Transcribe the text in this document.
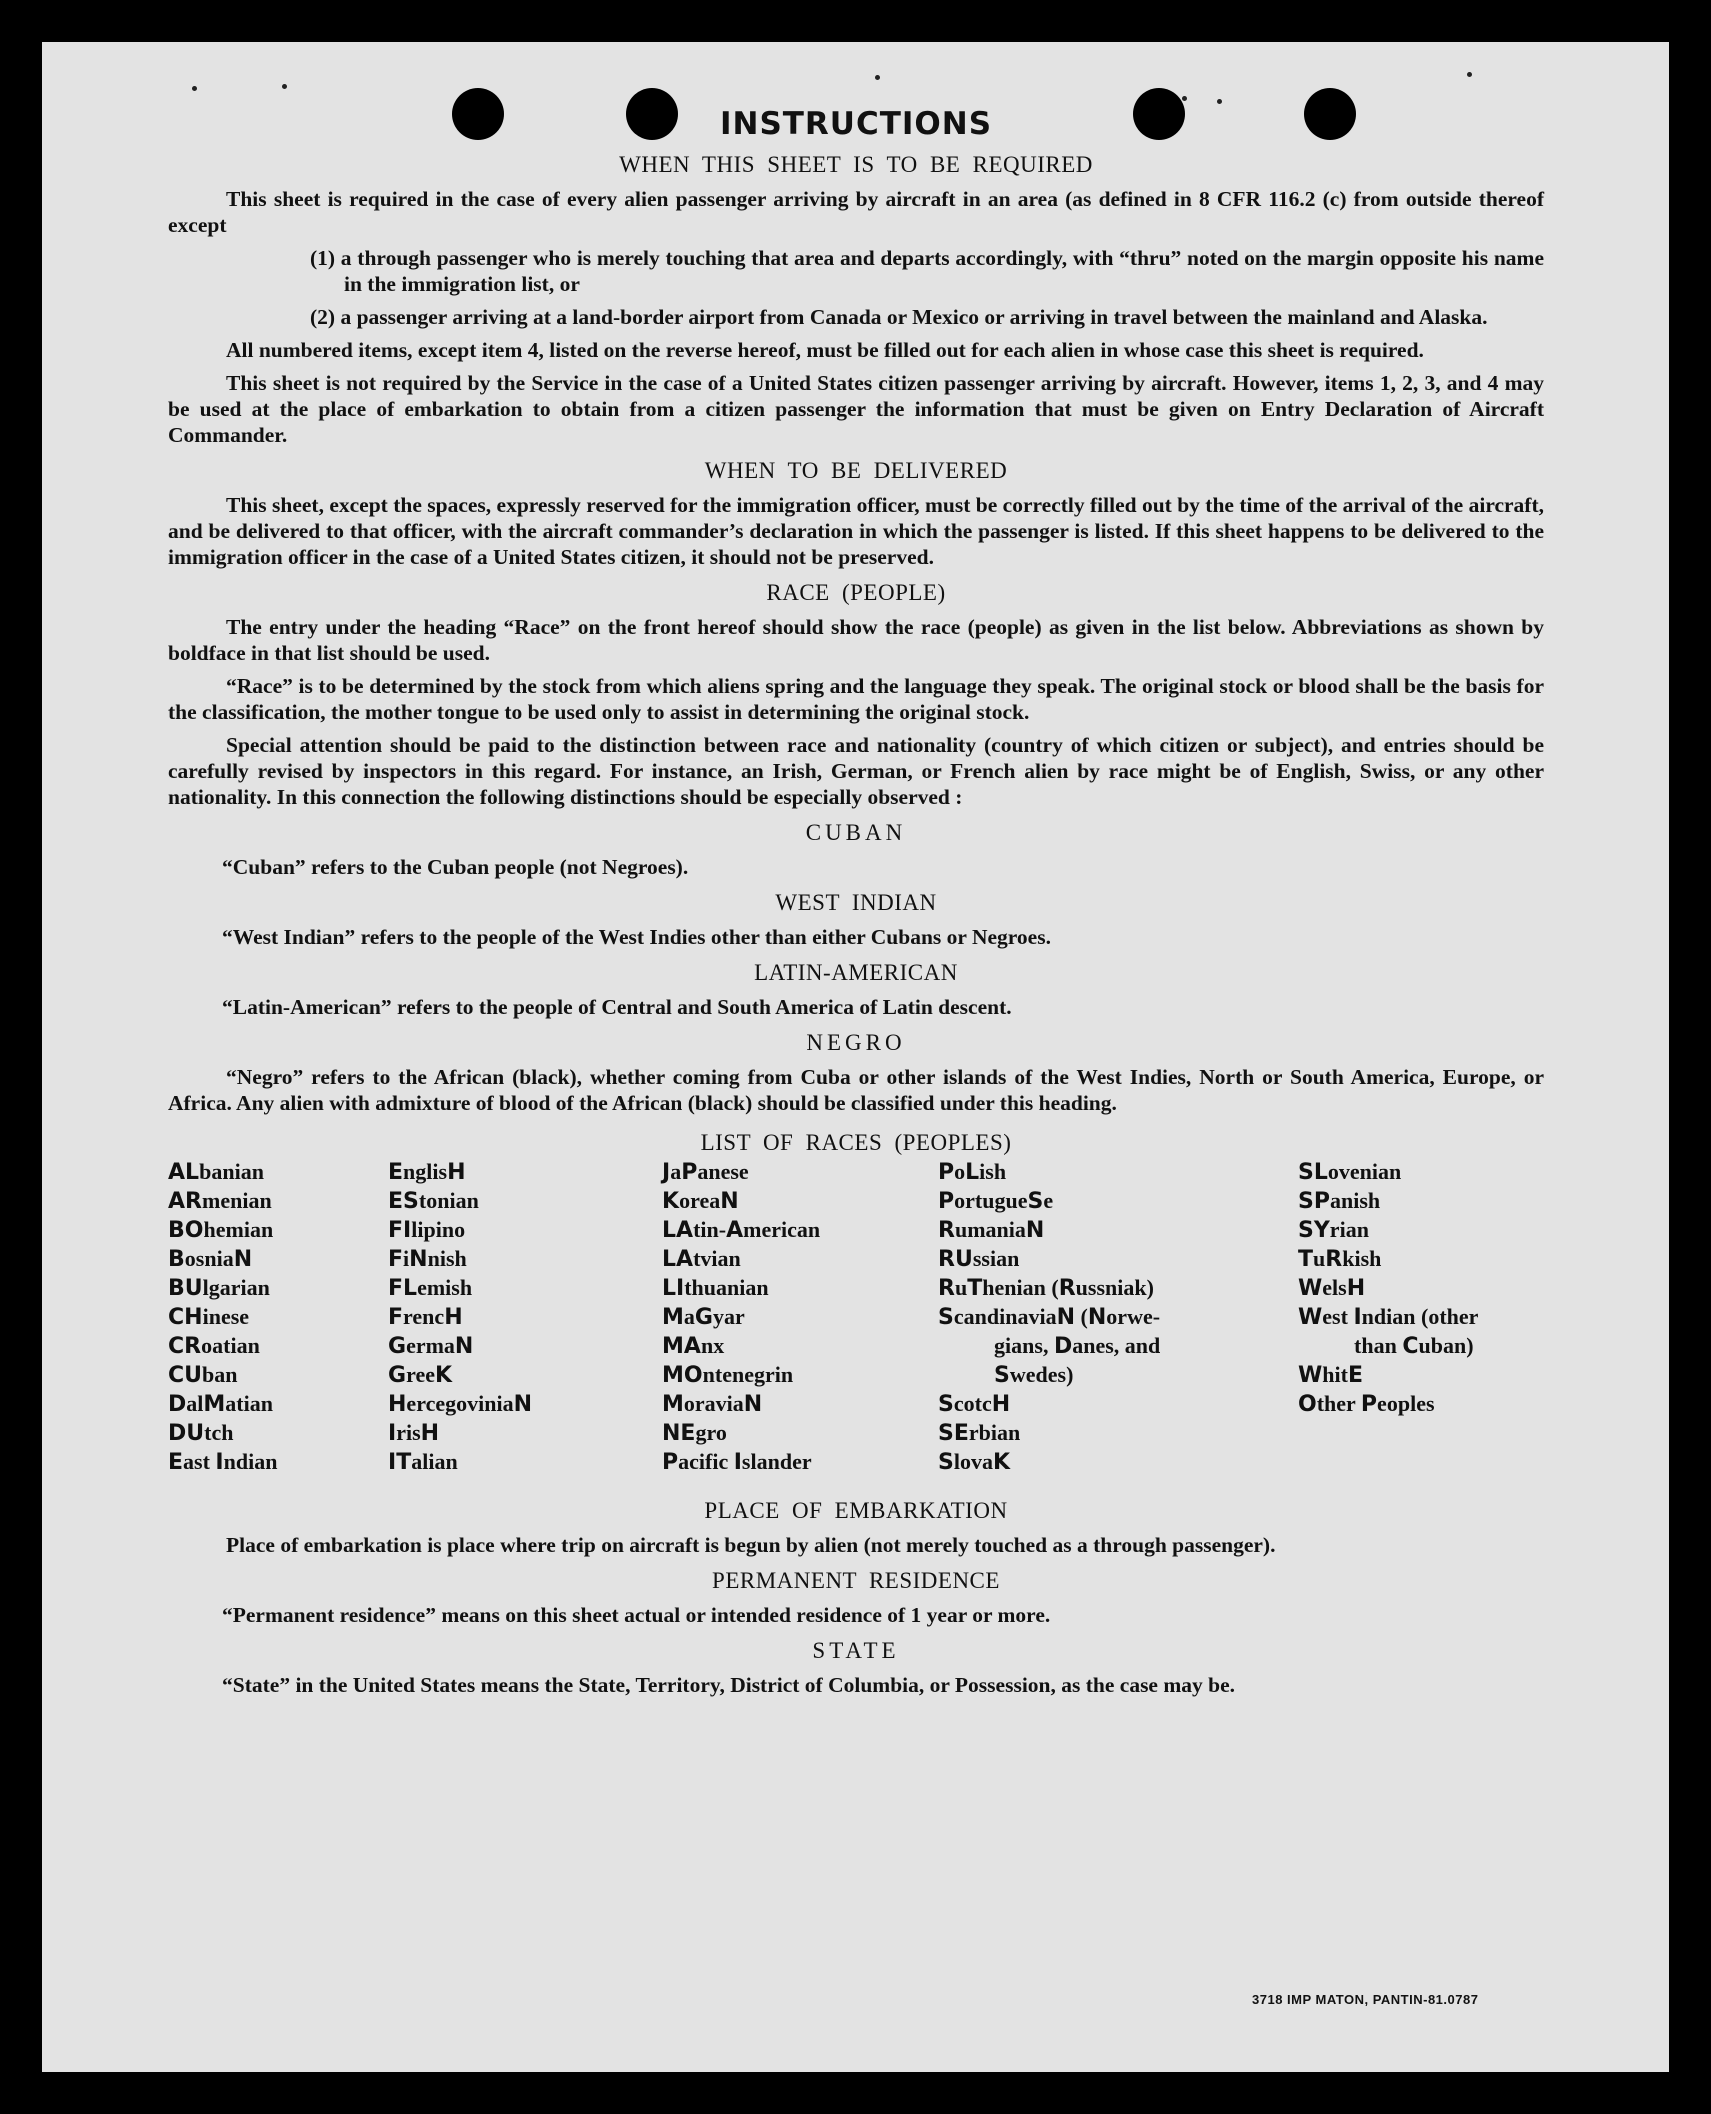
INSTRUCTIONS
WHEN THIS SHEET IS TO BE REQUIRED

This sheet is required in the case of every alien passenger arriving by aircraft in an area (as defined in 8 CFR 116.2 (c) from outside thereof except

(1) a through passenger who is merely touching that area and departs accordingly, with “thru” noted on the margin opposite his name in the immigration list, or

(2) a passenger arriving at a land-border airport from Canada or Mexico or arriving in travel between the mainland and Alaska.

All numbered items, except item 4, listed on the reverse hereof, must be filled out for each alien in whose case this sheet is required.

This sheet is not required by the Service in the case of a United States citizen passenger arriving by aircraft. However, items 1, 2, 3, and 4 may be used at the place of embarkation to obtain from a citizen passenger the information that must be given on Entry Declaration of Aircraft Commander.

WHEN TO BE DELIVERED

This sheet, except the spaces, expressly reserved for the immigration officer, must be correctly filled out by the time of the arrival of the aircraft, and be delivered to that officer, with the aircraft commander’s declaration in which the passenger is listed. If this sheet happens to be delivered to the immigration officer in the case of a United States citizen, it should not be preserved.

RACE (PEOPLE)

The entry under the heading “Race” on the front hereof should show the race (people) as given in the list below. Abbreviations as shown by boldface in that list should be used.

“Race” is to be determined by the stock from which aliens spring and the language they speak. The original stock or blood shall be the basis for the classification, the mother tongue to be used only to assist in determining the original stock.

Special attention should be paid to the distinction between race and nationality (country of which citizen or subject), and entries should be carefully revised by inspectors in this regard. For instance, an Irish, German, or French alien by race might be of English, Swiss, or any other nationality. In this connection the following distinctions should be especially observed :

CUBAN

“Cuban” refers to the Cuban people (not Negroes).

WEST INDIAN

“West Indian” refers to the people of the West Indies other than either Cubans or Negroes.

LATIN-AMERICAN

“Latin-American” refers to the people of Central and South America of Latin descent.

NEGRO

“Negro” refers to the African (black), whether coming from Cuba or other islands of the West Indies, North or South America, Europe, or Africa. Any alien with admixture of blood of the African (black) should be classified under this heading.

LIST OF RACES (PEOPLES)
ALbanian
ARmenian
BOhemian
BosniaN
BUlgarian
CHinese
CRoatian
CUban
DalMatian
DUtch
East Indian
EnglisH
EStonian
FIlipino
FiNnish
FLemish
FrencH
GermaN
GreeK
HercegoviniaN
IrisH
ITalian
JaPanese
KoreaN
LAtin-American
LAtvian
LIthuanian
MaGyar
MAnx
MOntenegrin
MoraviaN
NEgro
Pacific Islander
PoLish
PortugueSe
RumaniaN
RUssian
RuThenian (Russniak)
ScandinaviaN (Norwe-
gians, Danes, and
Swedes)
ScotcH
SErbian
SlovaK
SLovenian
SPanish
SYrian
TuRkish
WelsH
West Indian (other
than Cuban)
WhitE
Other Peoples
PLACE OF EMBARKATION

Place of embarkation is place where trip on aircraft is begun by alien (not merely touched as a through passenger).

PERMANENT RESIDENCE

“Permanent residence” means on this sheet actual or intended residence of 1 year or more.

STATE

“State” in the United States means the State, Territory, District of Columbia, or Possession, as the case may be.

3718 IMP MATON, PANTIN-81.0787
